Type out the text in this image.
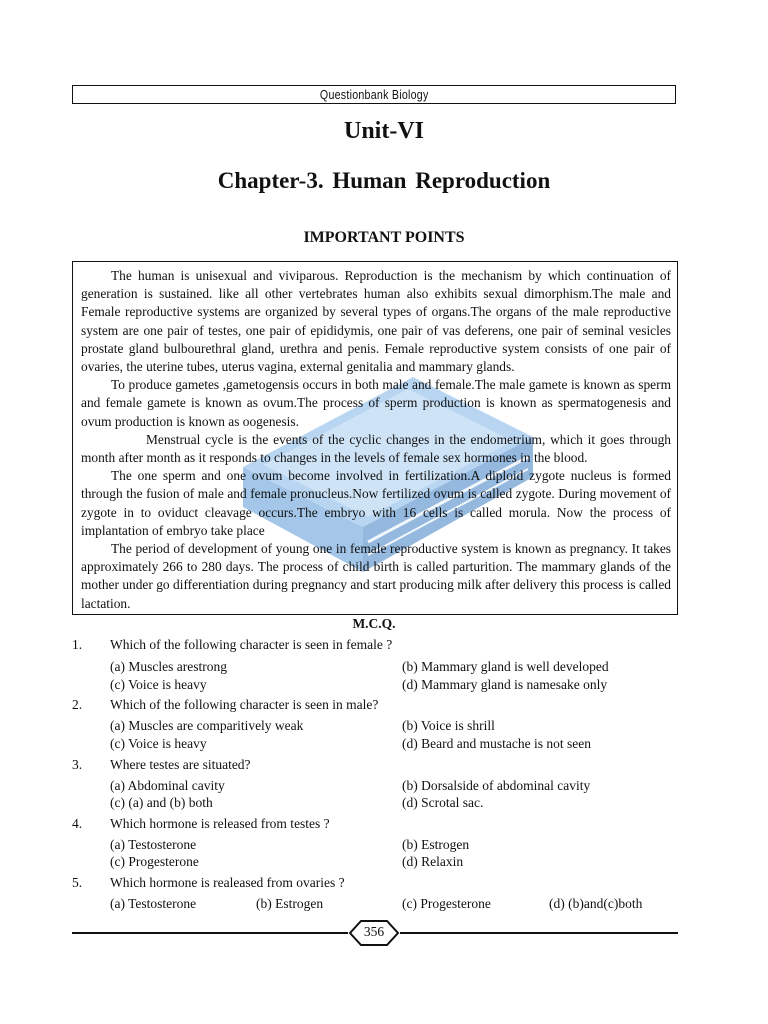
Questionbank Biology
Unit-VI
Chapter-3. Human Reproduction
IMPORTANT POINTS

The human is unisexual and viviparous. Reproduction is the mechanism by which continuation of generation is sustained. like all other vertebrates human also exhibits sexual dimorphism.The male and Female reproductive systems are organized by several types of organs.The organs of the male reproductive system are one pair of testes, one pair of epididymis, one pair of vas deferens, one pair of seminal vesicles prostate gland bulbourethral gland, urethra and penis. Female reproductive system consists of one pair of ovaries, the uterine tubes, uterus vagina, external genitalia and mammary glands.

To produce gametes ,gametogensis occurs in both male and female.The male gamete is known as sperm and female gamete is known as ovum.The process of sperm production is known as spermatogenesis and ovum production is known as oogenesis.

Menstrual cycle is the events of the cyclic changes in the endometrium, which it goes through month after month as it responds to changes in the levels of female sex hormones in the blood.

The one sperm and one ovum become involved in fertilization.A diploid zygote nucleus is formed through the fusion of male and female pronucleus.Now fertilized ovum is called zygote. During movement of zygote in to oviduct cleavage occurs.The embryo with 16 cells is called morula. Now the process of implantation of embryo take place

The period of development of young one in female reproductive system is known as pregnancy. It takes approximately 266 to 280 days. The process of child birth is called parturition. The mammary glands of the mother under go differentiation during pregnancy and start producing milk after delivery this process is called lactation.

M.C.Q.
1. Which of the following character is seen in female ?
(a) Muscles arestrong	(b) Mammary gland is well developed
(c) Voice is heavy	(d) Mammary gland is namesake only
2. Which of the following character is seen in male?
(a) Muscles are comparitively weak	(b) Voice is shrill
(c) Voice is heavy	(d) Beard and mustache is not seen
3. Where testes are situated?
(a) Abdominal cavity	(b) Dorsalside of abdominal cavity
(c) (a) and (b) both	(d) Scrotal sac.
4. Which hormone is released from testes ?
(a) Testosterone	(b) Estrogen
(c) Progesterone	(d) Relaxin
5. Which hormone is realeased from ovaries ?
(a) Testosterone	(b) Estrogen	(c) Progesterone	(d) (b)and(c)both
356
